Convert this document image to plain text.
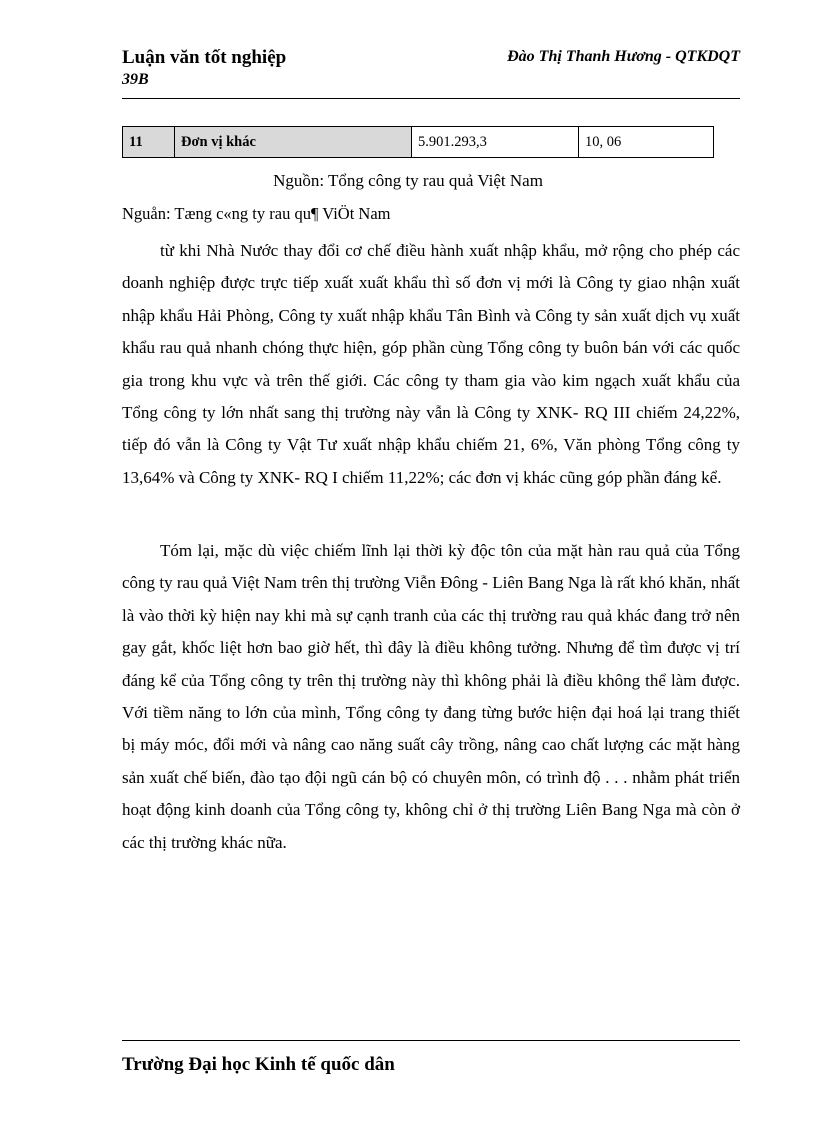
Luận văn tốt nghiệp
39B
Đào Thị Thanh Hương - QTKDQT
11	Đơn vị khác	5.901.293,3	10, 06
Nguồn: Tổng công ty rau quả Việt Nam
Nguån: Tæng c«ng ty rau qu¶ ViÖt Nam

từ khi Nhà Nước thay đổi cơ chế điều hành xuất nhập khẩu, mở rộng cho phép các doanh nghiệp được trực tiếp xuất xuất khẩu thì số đơn vị mới là Công ty giao nhận xuất nhập khẩu Hải Phòng, Công ty xuất nhập khẩu Tân Bình và Công ty sản xuất dịch vụ xuất khẩu rau quả nhanh chóng thực hiện, góp phần cùng Tổng công ty buôn bán với các quốc gia trong khu vực và trên thế giới. Các công ty tham gia vào kim ngạch xuất khẩu của Tổng công ty lớn nhất sang thị trường này vẫn là Công ty XNK- RQ III chiếm 24,22%, tiếp đó vẫn là Công ty Vật Tư xuất nhập khẩu chiếm 21, 6%, Văn phòng Tổng công ty 13,64% và Công ty XNK- RQ I chiếm 11,22%; các đơn vị khác cũng góp phần đáng kể.

Tóm lại, mặc dù việc chiếm lĩnh lại thời kỳ độc tôn của mặt hàn rau quả của Tổng công ty rau quả Việt Nam trên thị trường Viễn Đông - Liên Bang Nga là rất khó khăn, nhất là vào thời kỳ hiện nay khi mà sự cạnh tranh của các thị trường rau quả khác đang trở nên gay gắt, khốc liệt hơn bao giờ hết, thì đây là điều không tưởng. Nhưng để tìm được vị trí đáng kể của Tổng công ty trên thị trường này thì không phải là điều không thể làm được. Với tiềm năng to lớn của mình, Tổng công ty đang từng bước hiện đại hoá lại trang thiết bị máy móc, đổi mới và nâng cao năng suất cây trồng, nâng cao chất lượng các mặt hàng sản xuất chế biến, đào tạo đội ngũ cán bộ có chuyên môn, có trình độ . . . nhằm phát triển hoạt động kinh doanh của Tổng công ty, không chỉ ở thị trường Liên Bang Nga mà còn ở các thị trường khác nữa.

Trường Đại học Kinh tế quốc dân
